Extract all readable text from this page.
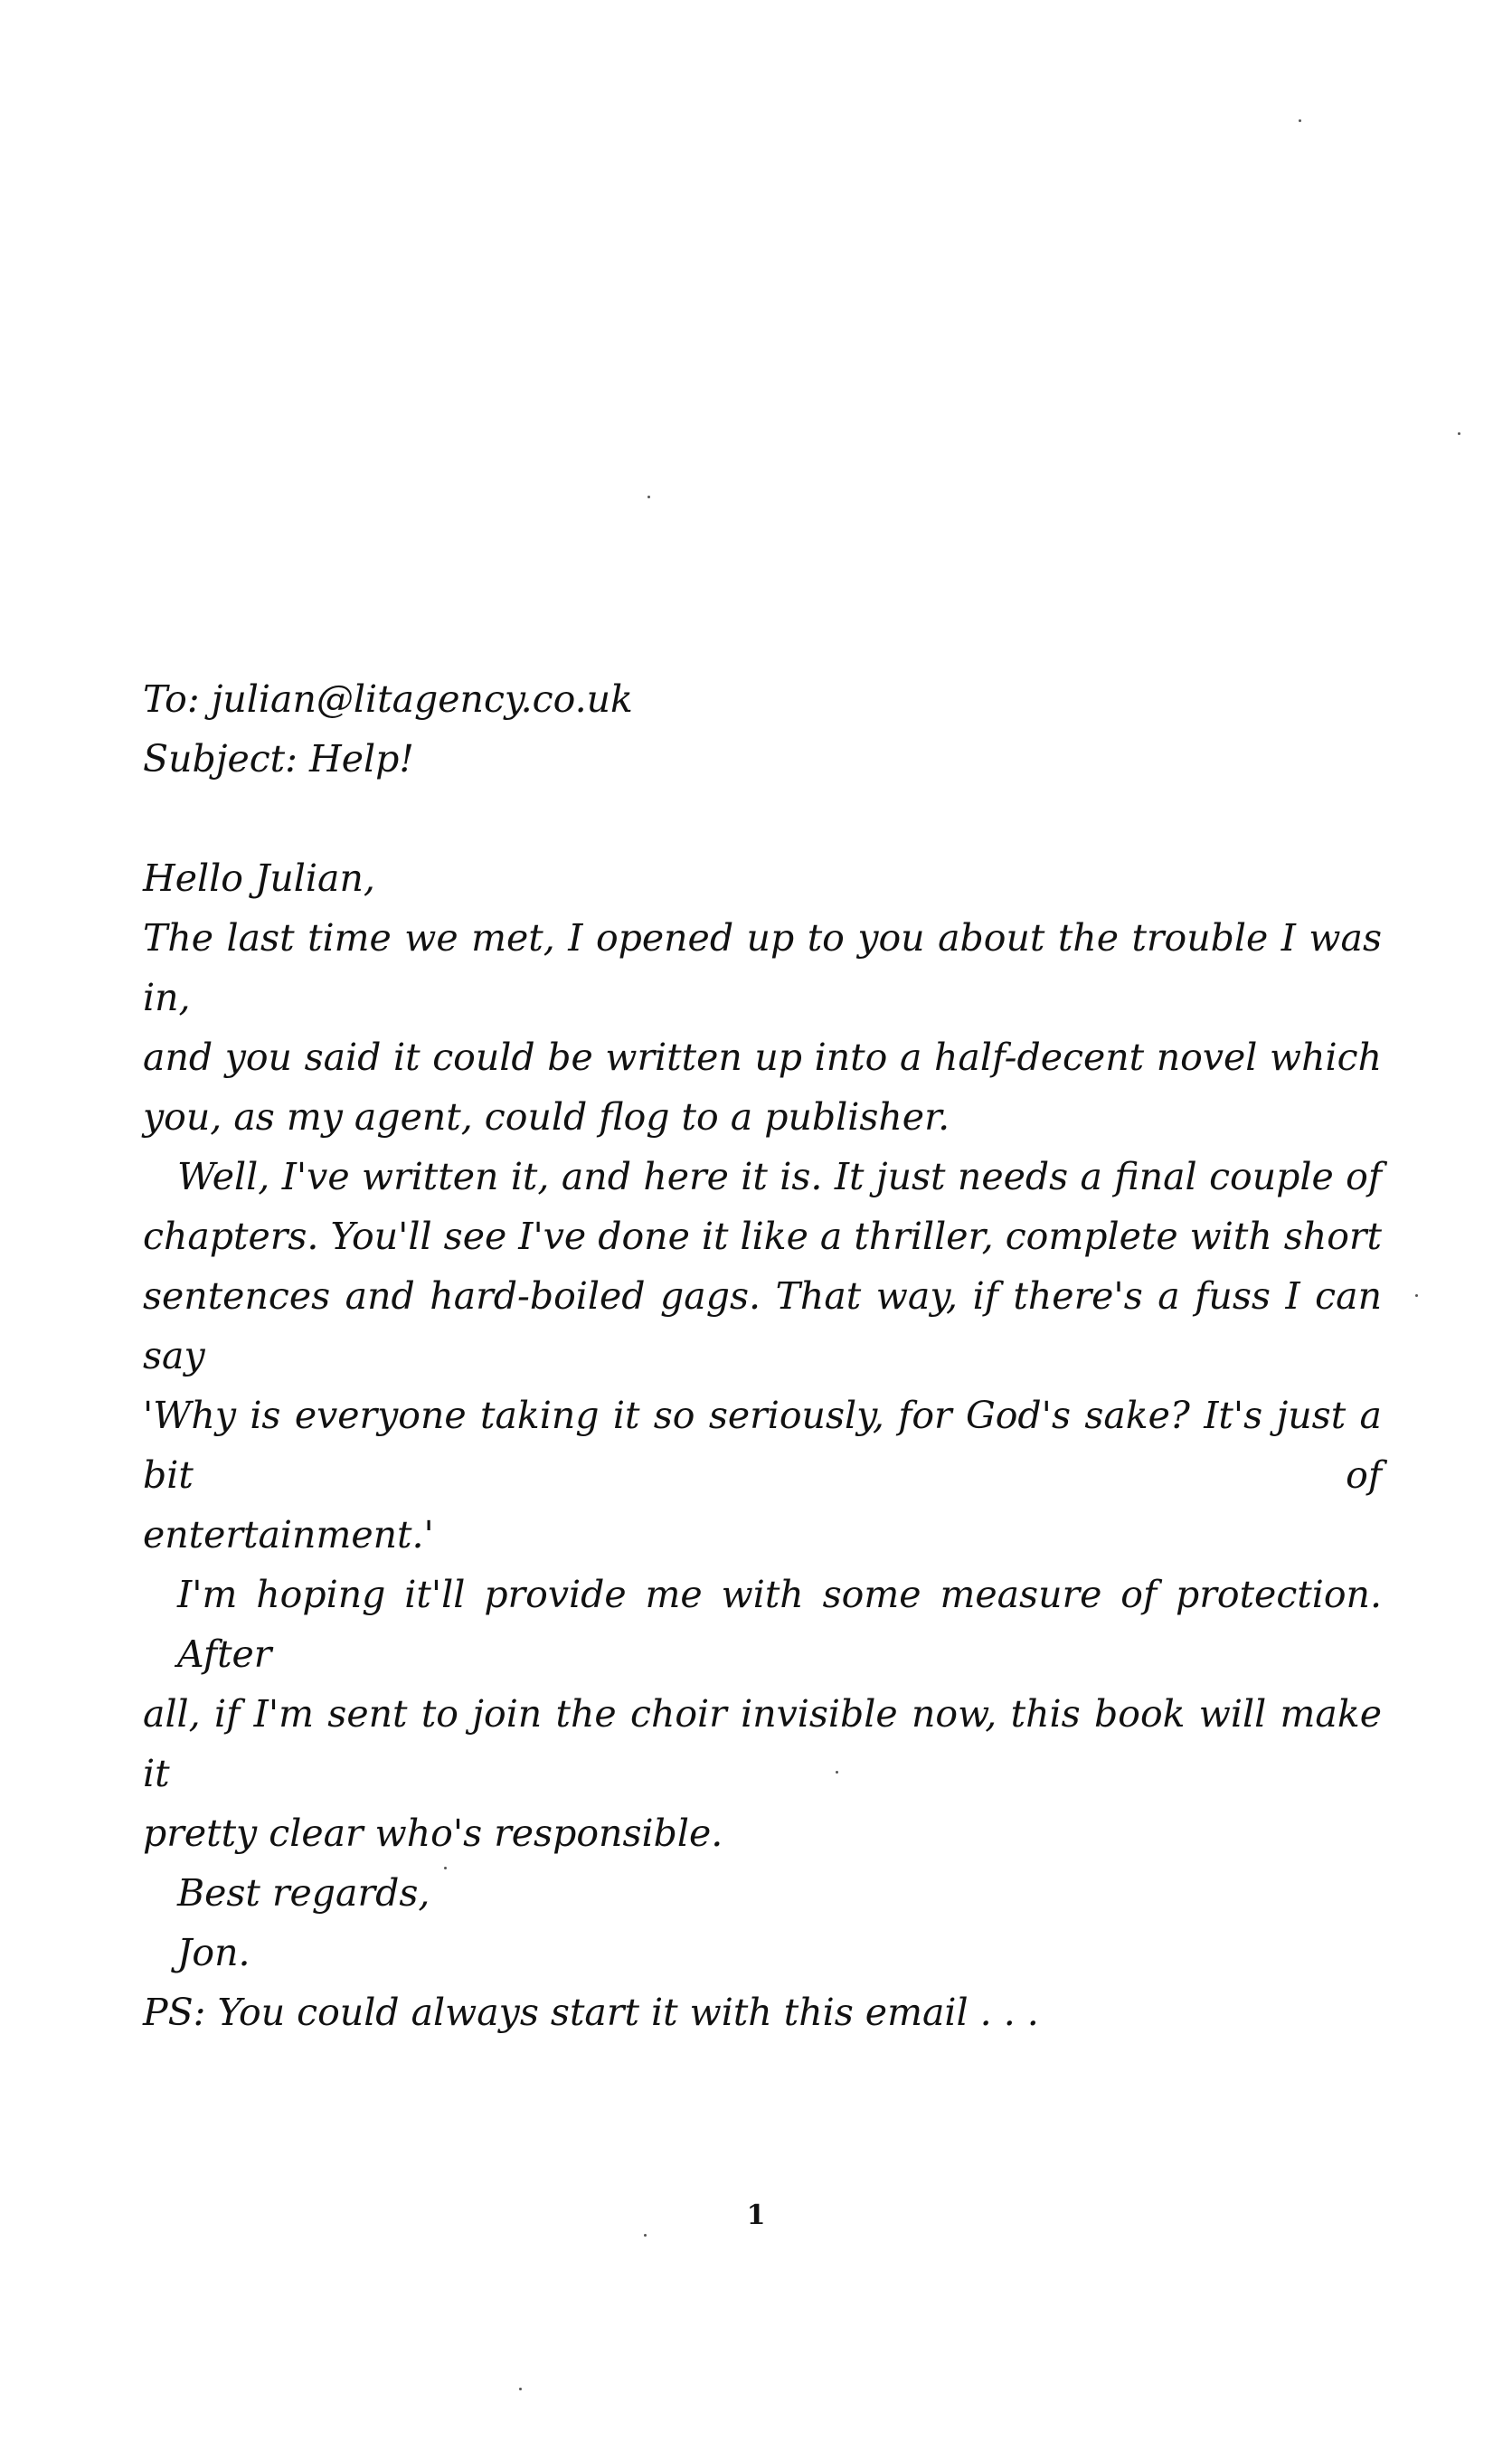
To: julian@litagency.co.uk
Subject: Help!
Hello Julian,
The last time we met, I opened up to you about the trouble I was in,
and you said it could be written up into a half-decent novel which
you, as my agent, could flog to a publisher.
Well, I've written it, and here it is. It just needs a final couple of
chapters. You'll see I've done it like a thriller, complete with short
sentences and hard-boiled gags. That way, if there's a fuss I can say
'Why is everyone taking it so seriously, for God's sake? It's just a bit of
entertainment.'
I'm hoping it'll provide me with some measure of protection. After
all, if I'm sent to join the choir invisible now, this book will make it
pretty clear who's responsible.
Best regards,
Jon.
PS: You could always start it with this email . . .
1
